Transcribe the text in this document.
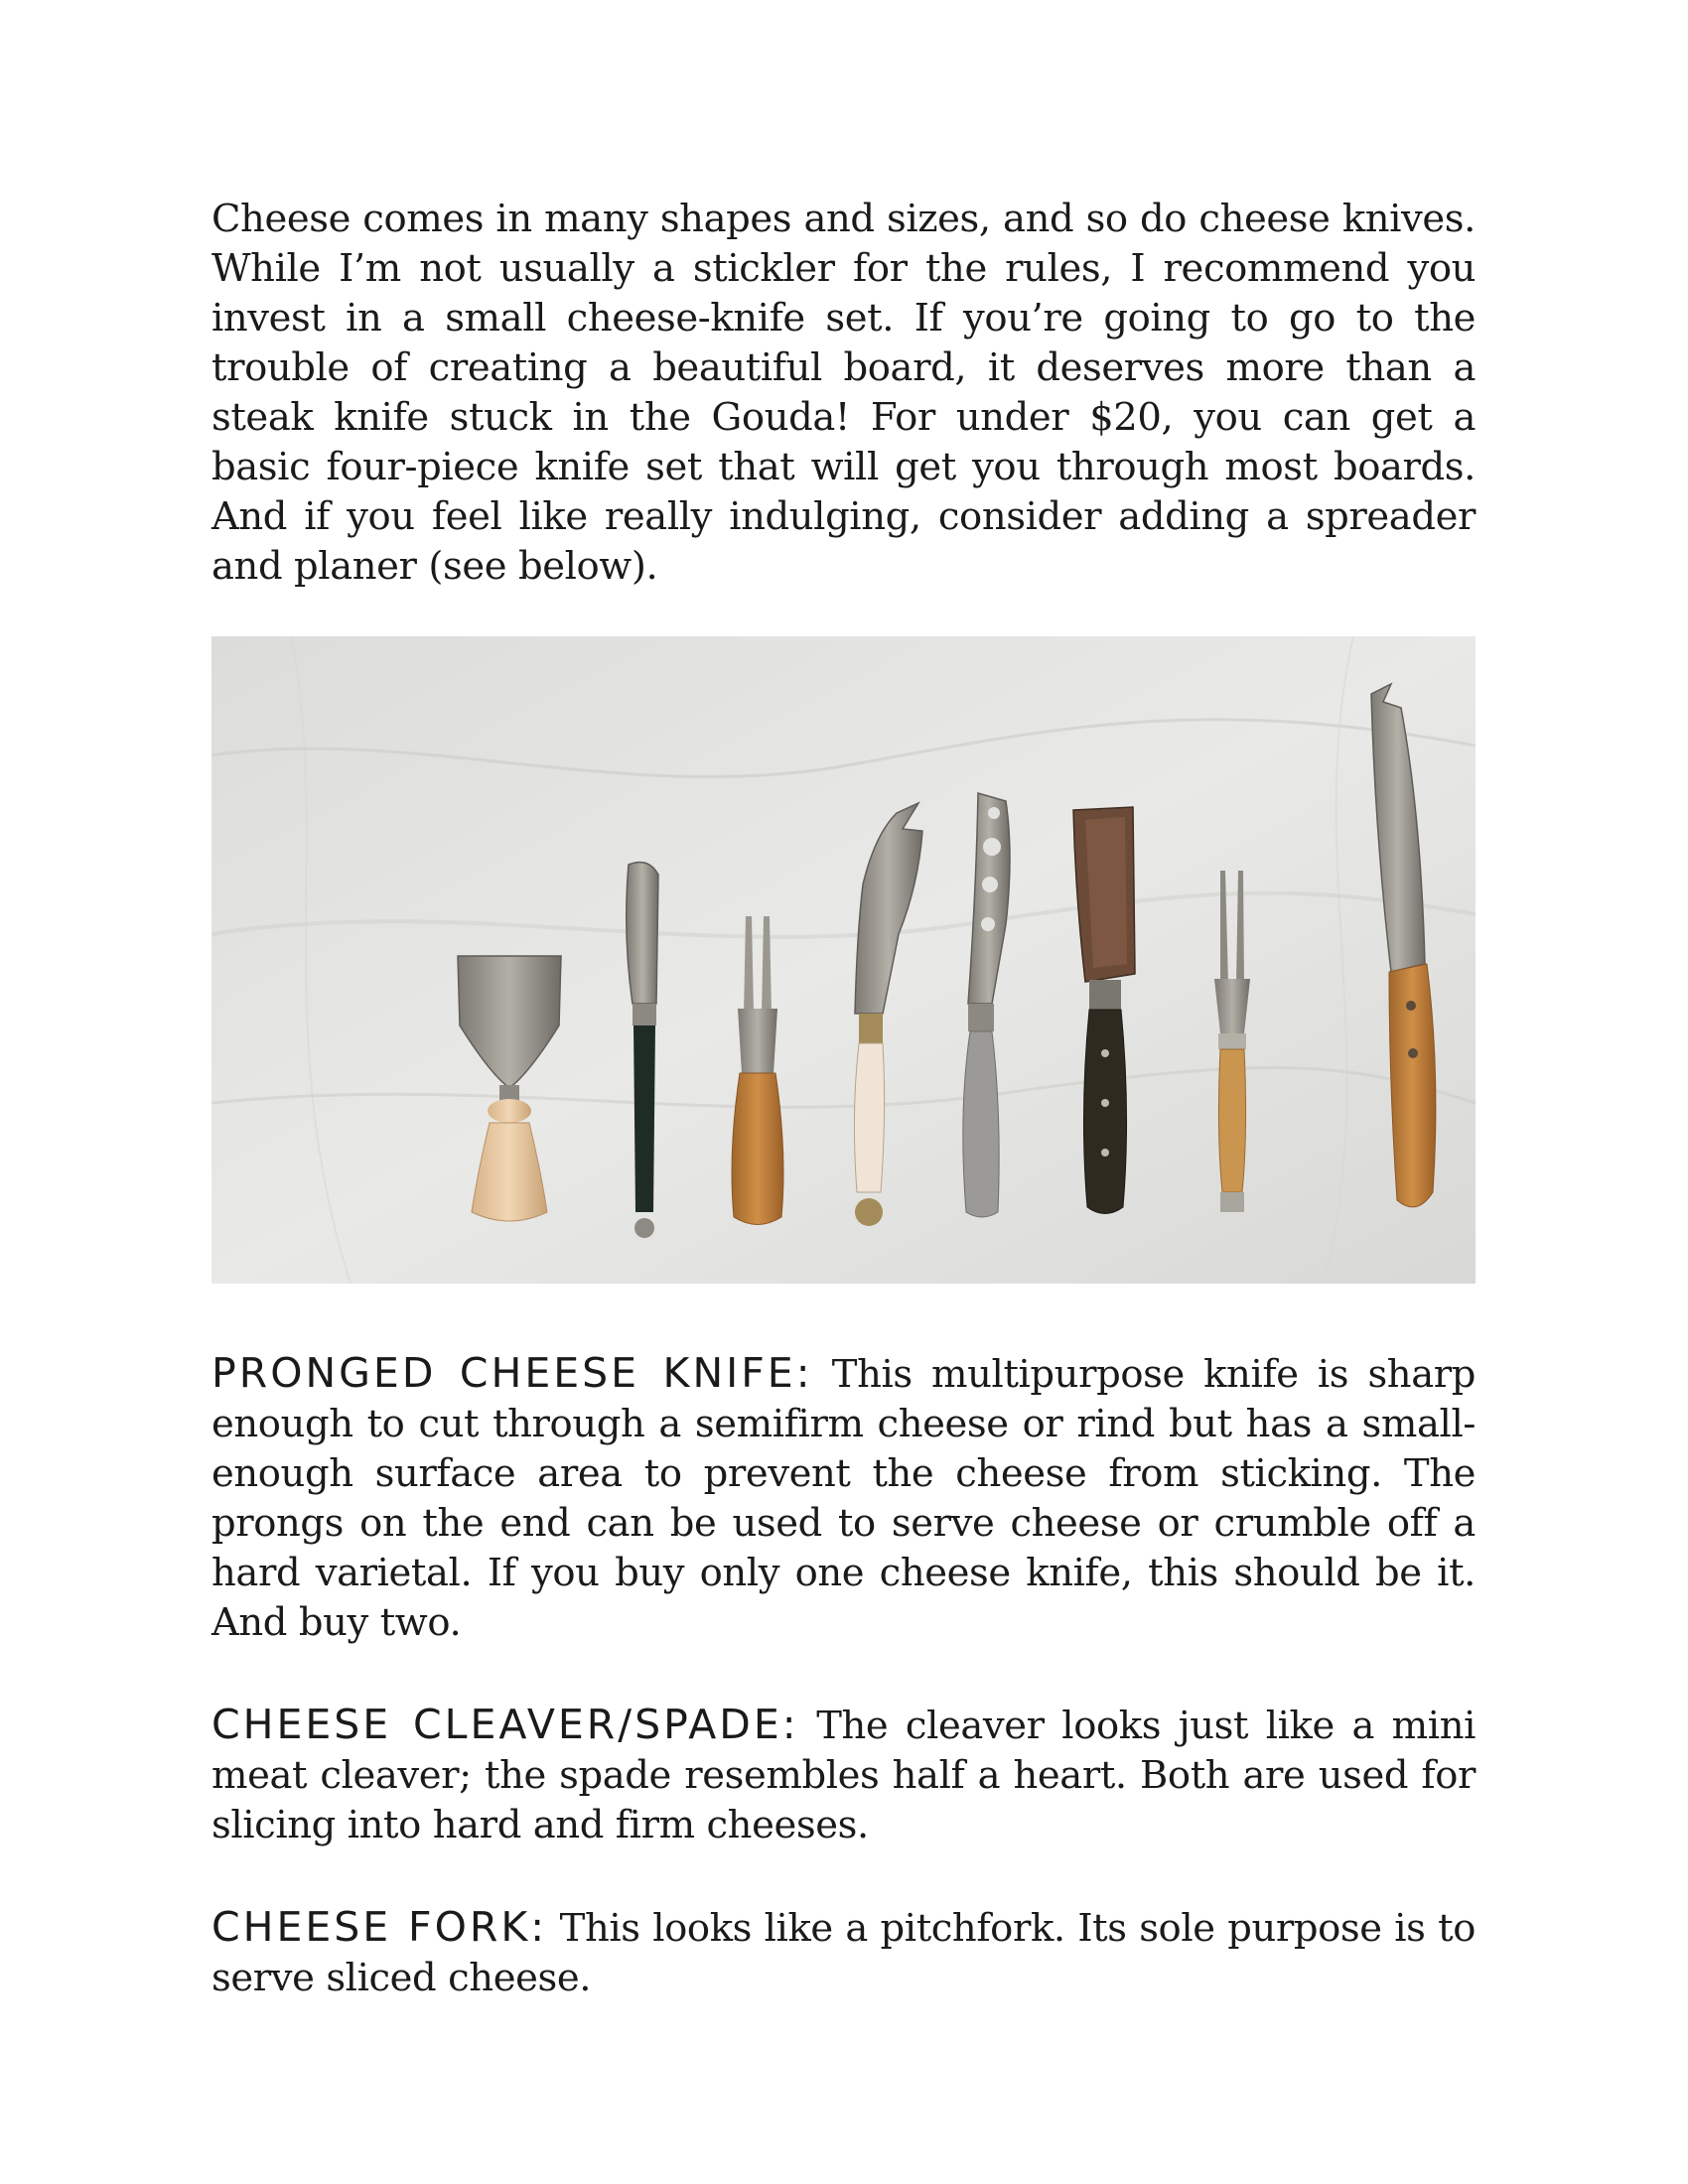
Cheese comes in many shapes and sizes, and so do cheese knives. While I’m not usually a stickler for the rules, I recommend you invest in a small cheese-knife set. If you’re going to go to the trouble of creating a beautiful board, it deserves more than a steak knife stuck in the Gouda! For under $20, you can get a basic four-piece knife set that will get you through most boards. And if you feel like really indulging, consider adding a spreader and planer (see below).

PRONGED CHEESE KNIFE: This multipurpose knife is sharp enough to cut through a semifirm cheese or rind but has a small-enough surface area to prevent the cheese from sticking. The prongs on the end can be used to serve cheese or crumble off a hard varietal. If you buy only one cheese knife, this should be it. And buy two.

CHEESE CLEAVER/SPADE: The cleaver looks just like a mini meat cleaver; the spade resembles half a heart. Both are used for slicing into hard and firm cheeses.

CHEESE FORK: This looks like a pitchfork. Its sole purpose is to serve sliced cheese.
